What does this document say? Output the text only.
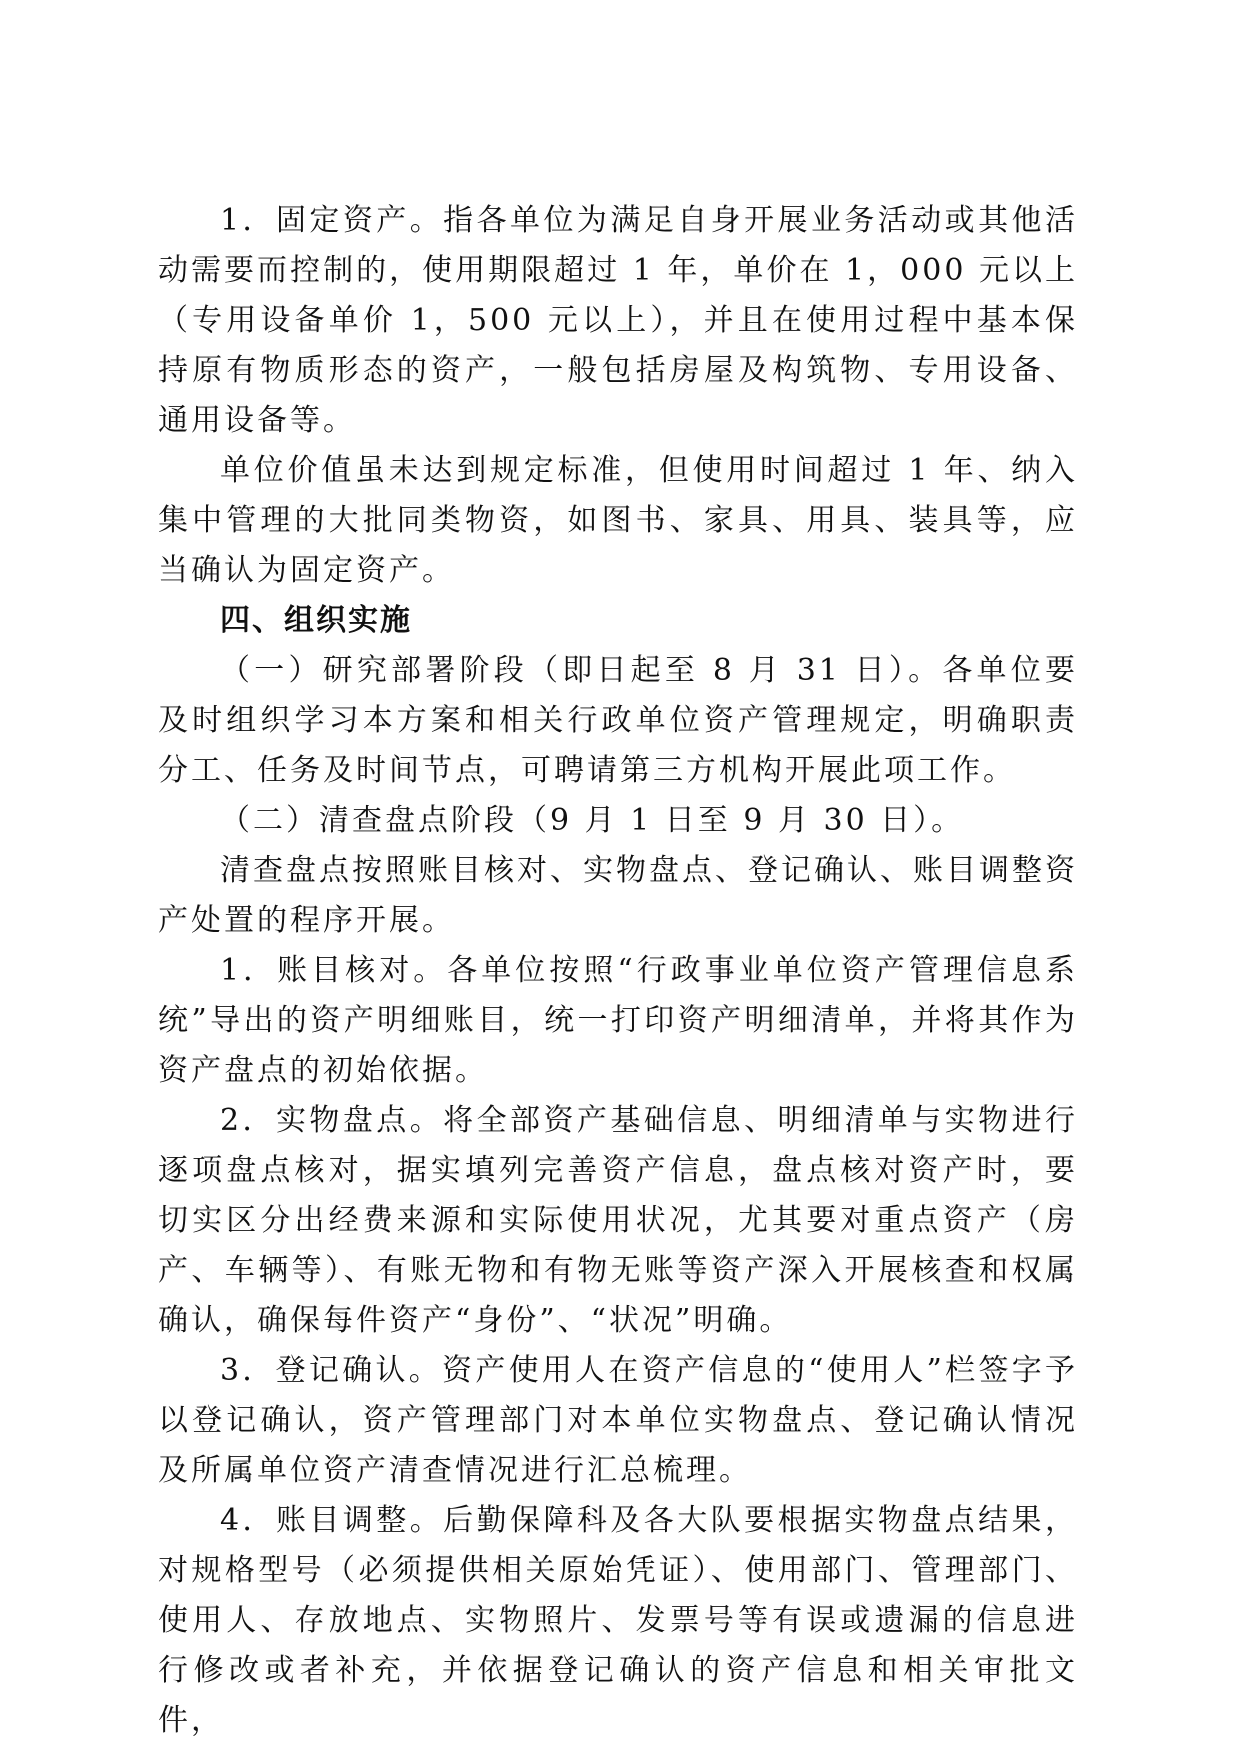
1．固定资产。指各单位为满足自身开展业务活动或其他活动需要而控制的，使用期限超过 1 年，单价在 1，000 元以上（专用设备单价 1，500 元以上），并且在使用过程中基本保持原有物质形态的资产，一般包括房屋及构筑物、专用设备、通用设备等。

单位价值虽未达到规定标准，但使用时间超过 1 年、纳入集中管理的大批同类物资，如图书、家具、用具、装具等，应当确认为固定资产。

四、组织实施

（一）研究部署阶段（即日起至 8 月 31 日）。各单位要及时组织学习本方案和相关行政单位资产管理规定，明确职责分工、任务及时间节点，可聘请第三方机构开展此项工作。

（二）清查盘点阶段（9 月 1 日至 9 月 30 日）。

清查盘点按照账目核对、实物盘点、登记确认、账目调整资产处置的程序开展。

1．账目核对。各单位按照“行政事业单位资产管理信息系统”导出的资产明细账目，统一打印资产明细清单，并将其作为资产盘点的初始依据。

2．实物盘点。将全部资产基础信息、明细清单与实物进行逐项盘点核对，据实填列完善资产信息，盘点核对资产时，要切实区分出经费来源和实际使用状况，尤其要对重点资产（房产、车辆等）、有账无物和有物无账等资产深入开展核查和权属确认，确保每件资产“身份”、“状况”明确。

3．登记确认。资产使用人在资产信息的“使用人”栏签字予以登记确认，资产管理部门对本单位实物盘点、登记确认情况及所属单位资产清查情况进行汇总梳理。

4．账目调整。后勤保障科及各大队要根据实物盘点结果，对规格型号（必须提供相关原始凭证）、使用部门、管理部门、使用人、存放地点、实物照片、发票号等有误或遗漏的信息进行修改或者补充，并依据登记确认的资产信息和相关审批文件，
